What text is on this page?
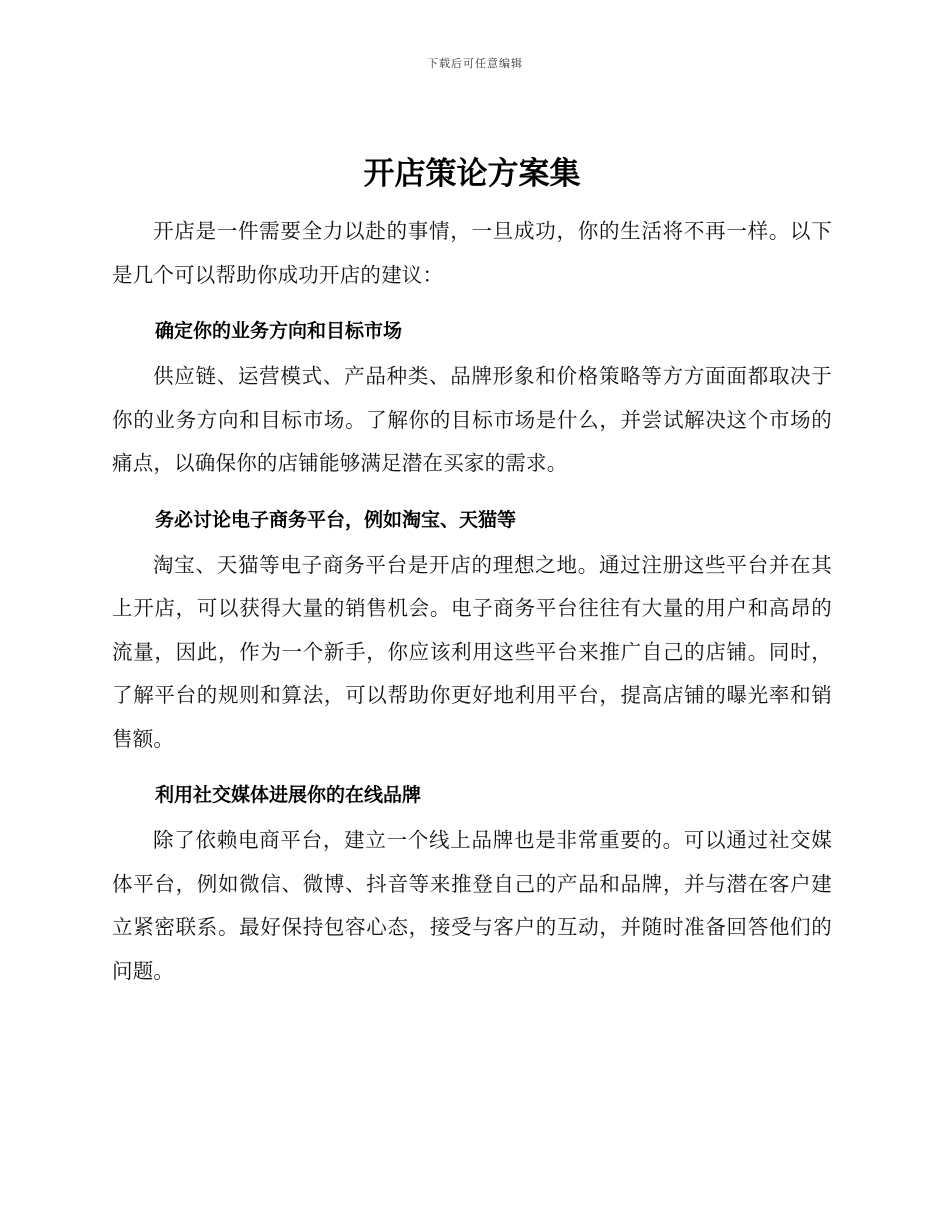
下载后可任意编辑
开店策论方案集

开店是一件需要全力以赴的事情，一旦成功，你的生活将不再一样。以下是几个可以帮助你成功开店的建议：

确定你的业务方向和目标市场

供应链、运营模式、产品种类、品牌形象和价格策略等方方面面都取决于你的业务方向和目标市场。了解你的目标市场是什么，并尝试解决这个市场的痛点，以确保你的店铺能够满足潜在买家的需求。

务必讨论电子商务平台，例如淘宝、天猫等

淘宝、天猫等电子商务平台是开店的理想之地。通过注册这些平台并在其上开店，可以获得大量的销售机会。电子商务平台往往有大量的用户和高昂的流量，因此，作为一个新手，你应该利用这些平台来推广自己的店铺。同时，了解平台的规则和算法，可以帮助你更好地利用平台，提高店铺的曝光率和销售额。

利用社交媒体进展你的在线品牌

除了依赖电商平台，建立一个线上品牌也是非常重要的。可以通过社交媒体平台，例如微信、微博、抖音等来推登自己的产品和品牌，并与潜在客户建立紧密联系。最好保持包容心态，接受与客户的互动，并随时准备回答他们的问题。
